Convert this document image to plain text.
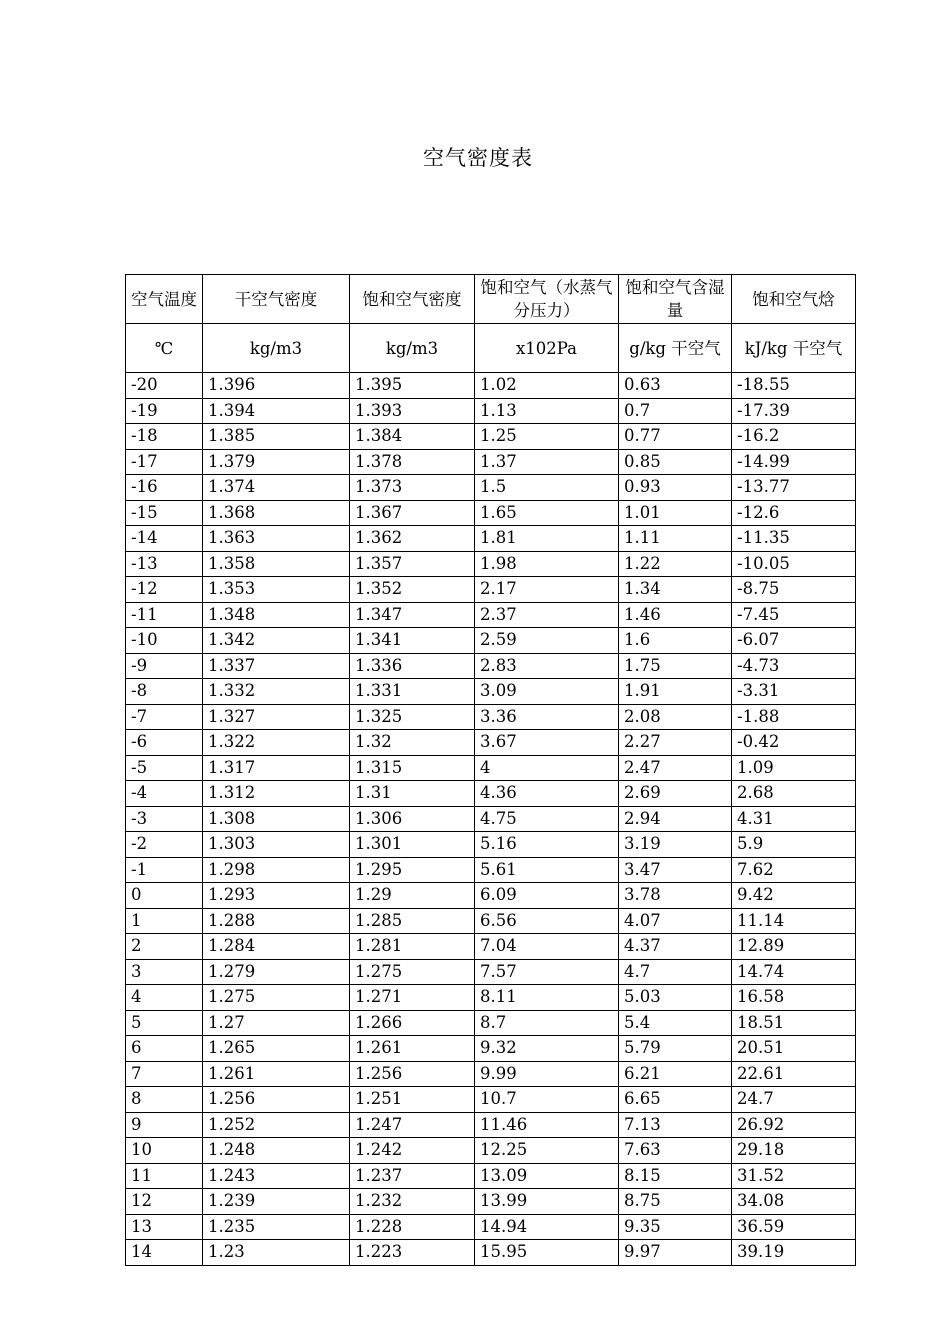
空气密度表
空气温度	干空气密度	饱和空气密度	饱和空气（水蒸气分压力）	饱和空气含湿量	饱和空气焓
℃	kg/m3	kg/m3	x102Pa	g/kg 干空气	kJ/kg 干空气
-20	1.396	1.395	1.02	0.63	-18.55
-19	1.394	1.393	1.13	0.7	-17.39
-18	1.385	1.384	1.25	0.77	-16.2
-17	1.379	1.378	1.37	0.85	-14.99
-16	1.374	1.373	1.5	0.93	-13.77
-15	1.368	1.367	1.65	1.01	-12.6
-14	1.363	1.362	1.81	1.11	-11.35
-13	1.358	1.357	1.98	1.22	-10.05
-12	1.353	1.352	2.17	1.34	-8.75
-11	1.348	1.347	2.37	1.46	-7.45
-10	1.342	1.341	2.59	1.6	-6.07
-9	1.337	1.336	2.83	1.75	-4.73
-8	1.332	1.331	3.09	1.91	-3.31
-7	1.327	1.325	3.36	2.08	-1.88
-6	1.322	1.32	3.67	2.27	-0.42
-5	1.317	1.315	4	2.47	1.09
-4	1.312	1.31	4.36	2.69	2.68
-3	1.308	1.306	4.75	2.94	4.31
-2	1.303	1.301	5.16	3.19	5.9
-1	1.298	1.295	5.61	3.47	7.62
0	1.293	1.29	6.09	3.78	9.42
1	1.288	1.285	6.56	4.07	11.14
2	1.284	1.281	7.04	4.37	12.89
3	1.279	1.275	7.57	4.7	14.74
4	1.275	1.271	8.11	5.03	16.58
5	1.27	1.266	8.7	5.4	18.51
6	1.265	1.261	9.32	5.79	20.51
7	1.261	1.256	9.99	6.21	22.61
8	1.256	1.251	10.7	6.65	24.7
9	1.252	1.247	11.46	7.13	26.92
10	1.248	1.242	12.25	7.63	29.18
11	1.243	1.237	13.09	8.15	31.52
12	1.239	1.232	13.99	8.75	34.08
13	1.235	1.228	14.94	9.35	36.59
14	1.23	1.223	15.95	9.97	39.19
